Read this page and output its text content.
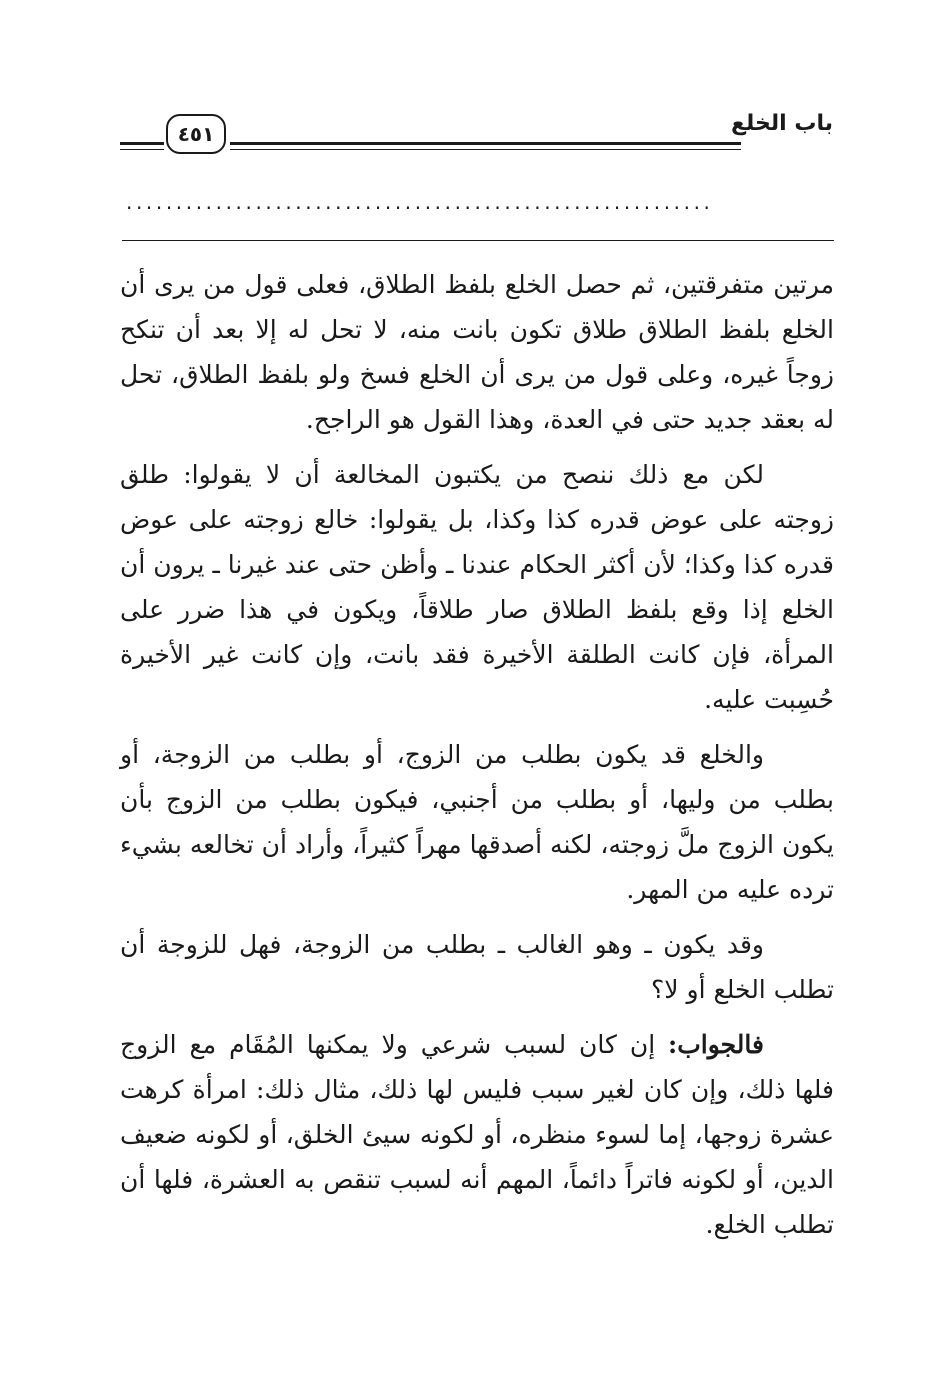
باب الخلع
٤٥١
...........................................................

مرتين متفرقتين، ثم حصل الخلع بلفظ الطلاق، فعلى قول من يرى أن الخلع بلفظ الطلاق طلاق تكون بانت منه، لا تحل له إلا بعد أن تنكح زوجاً غيره، وعلى قول من يرى أن الخلع فسخ ولو بلفظ الطلاق، تحل له بعقد جديد حتى في العدة، وهذا القول هو الراجح.

لكن مع ذلك ننصح من يكتبون المخالعة أن لا يقولوا: طلق زوجته على عوض قدره كذا وكذا، بل يقولوا: خالع زوجته على عوض قدره كذا وكذا؛ لأن أكثر الحكام عندنا ـ وأظن حتى عند غيرنا ـ يرون أن الخلع إذا وقع بلفظ الطلاق صار طلاقاً، ويكون في هذا ضرر على المرأة، فإن كانت الطلقة الأخيرة فقد بانت، وإن كانت غير الأخيرة حُسِبت عليه.

والخلع قد يكون بطلب من الزوج، أو بطلب من الزوجة، أو بطلب من وليها، أو بطلب من أجنبي، فيكون بطلب من الزوج بأن يكون الزوج ملَّ زوجته، لكنه أصدقها مهراً كثيراً، وأراد أن تخالعه بشيء ترده عليه من المهر.

وقد يكون ـ وهو الغالب ـ بطلب من الزوجة، فهل للزوجة أن تطلب الخلع أو لا؟

فالجواب: إن كان لسبب شرعي ولا يمكنها المُقَام مع الزوج فلها ذلك، وإن كان لغير سبب فليس لها ذلك، مثال ذلك: امرأة كرهت عشرة زوجها، إما لسوء منظره، أو لكونه سيئ الخلق، أو لكونه ضعيف الدين، أو لكونه فاتراً دائماً، المهم أنه لسبب تنقص به العشرة، فلها أن تطلب الخلع.
